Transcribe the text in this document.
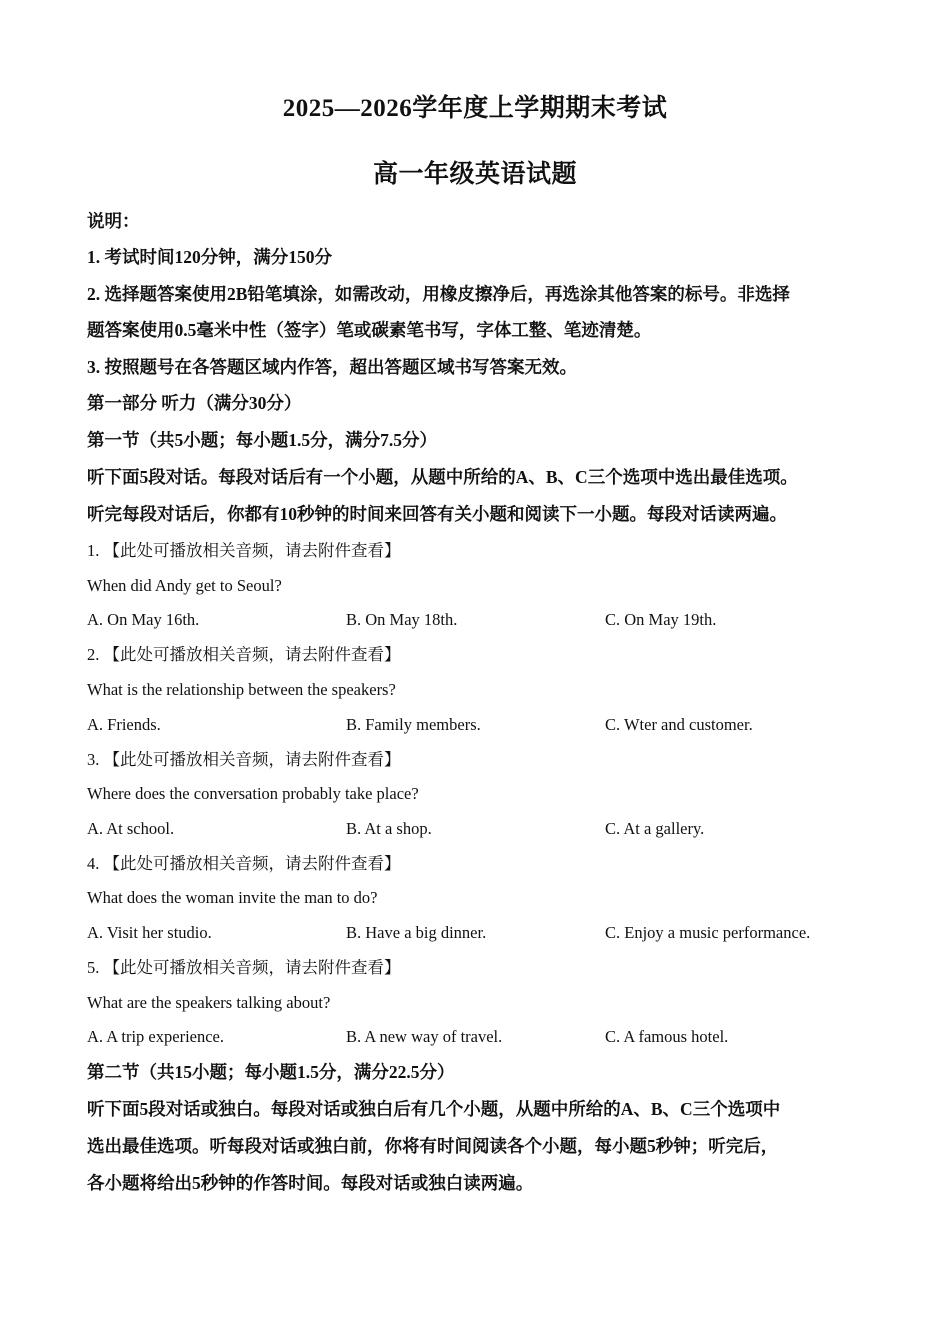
2025—2026学年度上学期期末考试
高一年级英语试题
说明：
1. 考试时间120分钟，满分150分
2. 选择题答案使用2B铅笔填涂，如需改动，用橡皮擦净后，再选涂其他答案的标号。非选择
题答案使用0.5毫米中性（签字）笔或碳素笔书写，字体工整、笔迹清楚。
3. 按照题号在各答题区域内作答，超出答题区域书写答案无效。
第一部分 听力（满分30分）
第一节（共5小题；每小题1.5分，满分7.5分）
听下面5段对话。每段对话后有一个小题，从题中所给的A、B、C三个选项中选出最佳选项。
听完每段对话后，你都有10秒钟的时间来回答有关小题和阅读下一小题。每段对话读两遍。
1. 【此处可播放相关音频，请去附件查看】
When did Andy get to Seoul?
A. On May 16th.	B. On May 18th.	C. On May 19th.
2. 【此处可播放相关音频，请去附件查看】
What is the relationship between the speakers?
A. Friends.	B. Family members.	C. Wter and customer.
3. 【此处可播放相关音频，请去附件查看】
Where does the conversation probably take place?
A. At school.	B. At a shop.	C. At a gallery.
4. 【此处可播放相关音频，请去附件查看】
What does the woman invite the man to do?
A. Visit her studio.	B. Have a big dinner.	C. Enjoy a music performance.
5. 【此处可播放相关音频，请去附件查看】
What are the speakers talking about?
A. A trip experience.	B. A new way of travel.	C. A famous hotel.
第二节（共15小题；每小题1.5分，满分22.5分）
听下面5段对话或独白。每段对话或独白后有几个小题，从题中所给的A、B、C三个选项中
选出最佳选项。听每段对话或独白前，你将有时间阅读各个小题，每小题5秒钟；听完后，
各小题将给出5秒钟的作答时间。每段对话或独白读两遍。
